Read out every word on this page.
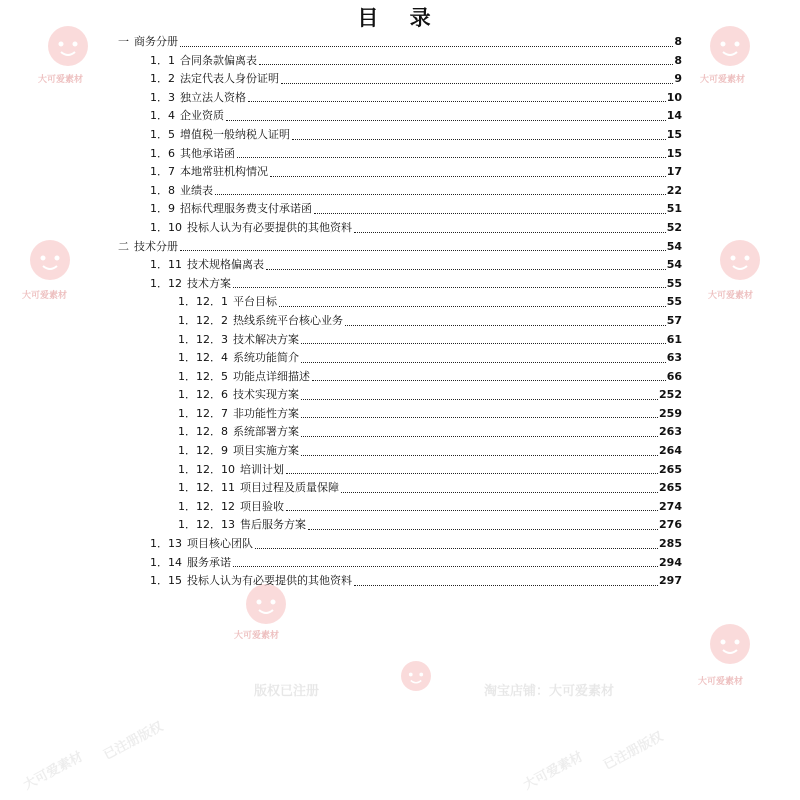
大可爱素材	大可爱素材
大可爱素材	大可爱素材
大可爱素材
大可爱素材
版权已注册	淘宝店铺：大可爱素材
已注册版权
大可爱素材	大可爱素材 已注册版权
目 录
一 商务分册	8
1．1 合同条款偏离表	8
1．2 法定代表人身份证明	9
1．3 独立法人资格	10
1．4 企业资质	14
1．5 增值税一般纳税人证明	15
1．6 其他承诺函	15
1．7 本地常驻机构情况	17
1．8 业绩表	22
1．9 招标代理服务费支付承诺函	51
1．10 投标人认为有必要提供的其他资料	52
二 技术分册	54
1．11 技术规格偏离表	54
1．12 技术方案	55
1．12．1 平台目标	55
1．12．2 热线系统平台核心业务	57
1．12．3 技术解决方案	61
1．12．4 系统功能简介	63
1．12．5 功能点详细描述	66
1．12．6 技术实现方案	252
1．12．7 非功能性方案	259
1．12．8 系统部署方案	263
1．12．9 项目实施方案	264
1．12．10 培训计划	265
1．12．11 项目过程及质量保障	265
1．12．12 项目验收	274
1．12．13 售后服务方案	276
1．13 项目核心团队	285
1．14 服务承诺	294
1．15 投标人认为有必要提供的其他资料	297
